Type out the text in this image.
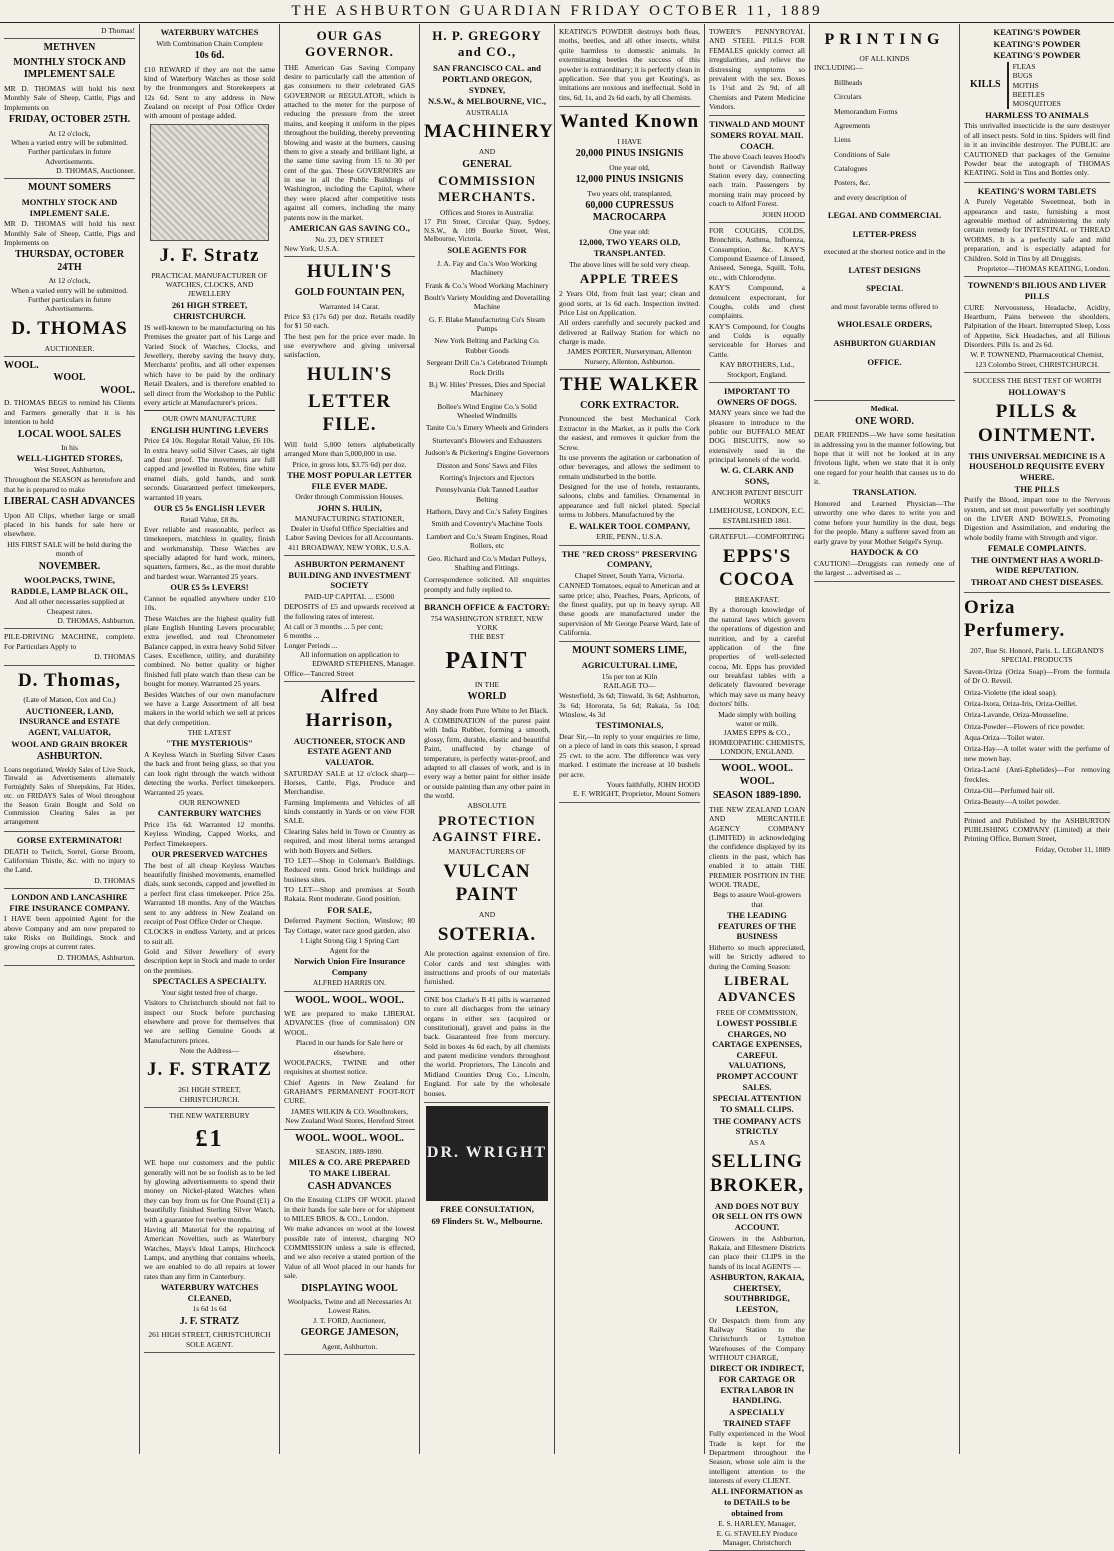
THE ASHBURTON GUARDIAN FRIDAY OCTOBER 11, 1889
D Thomas!
METHVEN
MONTHLY STOCK AND IMPLEMENT SALE
MR D. THOMAS will hold his next Monthly Sale of Sheep, Cattle, Pigs and Implements on
FRIDAY, OCTOBER 25TH.
At 12 o'clock,
When a varied entry will be submitted.
Further particulars in future Advertisements.
D. THOMAS, Auctioneer.
MOUNT SOMERS
MONTHLY STOCK AND IMPLEMENT SALE.
MR D. THOMAS will hold his next Monthly Sale of Sheep, Cattle, Pigs and Implements on
THURSDAY, OCTOBER 24TH
At 12 o'clock,
When a varied entry will be submitted.
Further particulars in future Advertisements.
D. THOMAS
AUCTIONEER.
WOOL.
WOOL
WOOL.
D. THOMAS BEGS to remind his Clients and Farmers generally that it is his intention to hold
LOCAL WOOL SALES
In his
WELL-LIGHTED STORES,
West Street, Ashburton,
Throughout the SEASON as heretofore and that he is prepared to make
LIBERAL CASH ADVANCES
Upon All Clips, whether large or small placed in his hands for sale here or elsewhere.
HIS FIRST SALE will be held during the month of
NOVEMBER.
WOOLPACKS, TWINE, RADDLE, LAMP BLACK OIL,
And all other necessaries supplied at Cheapest rates.
D. THOMAS, Ashburton.
PILE-DRIVING MACHINE, complete. For Particulars Apply to
D. THOMAS
D. Thomas,
(Late of Matson, Cox and Co.)
AUCTIONEER, LAND, INSURANCE and ESTATE AGENT, VALUATOR,
WOOL AND GRAIN BROKER
ASHBURTON.
Loans negotiated, Weekly Sales of Live Stock, Tinwald as Advertisements alternately Fortnightly Sales of Sheepskins, Fat Hides, etc. on FRIDAYS Sales of Wool throughout the Season Grain Bought and Sold on Commission Clearing Sales as per arrangement
GORSE EXTERMINATOR!
DEATH to Twitch, Sorrel, Gorse Broom, Californian Thistle, &c. with no injury to the Land.
D. THOMAS
LONDON AND LANCASHIRE FIRE INSURANCE COMPANY.
I HAVE been appointed Agent for the above Company and am now prepared to take Risks on Buildings, Stock and growing crops at current rates.
D. THOMAS, Ashburton.
WATERBURY WATCHES
With Combination Chain Complete
10s 6d.
£10 REWARD if they are not the same kind of Waterbury Watches as those sold by the Ironmongers and Storekeepers at 12s 6d. Sent to any address in New Zealand on receipt of Post Office Order with amount of postage added.
J. F. Stratz
PRACTICAL MANUFACTURER OF WATCHES, CLOCKS, AND JEWELLERY
261 HIGH STREET,
CHRISTCHURCH.
IS well-known to be manufacturing on his Premises the greater part of his Large and Varied Stock of Watches, Clocks, and Jewellery, thereby saving the heavy duty, Merchants' profits, and all other expenses which have to be paid by the ordinary Retail Dealers, and is therefore enabled to sell direct from the Workshop to the Public every article at Manufacturer's prices.
OUR OWN MANUFACTURE
ENGLISH HUNTING LEVERS
Price £4 10s. Regular Retail Value, £6 10s. In extra heavy solid Silver Cases, air tight and dust proof. The movements are full capped and jewelled in Rubies, fine white enamel dials, gold hands, and sunk seconds. Guaranteed perfect timekeepers, warranted 10 years.
OUR £5 5s ENGLISH LEVER
Retail Value, £8 8s.
Ever reliable and reasonable, perfect as timekeepers, matchless in quality, finish and workmanship. These Watches are specially adapted for hard work, miners, squatters, farmers, &c., as the most durable and hardest wear. Warranted 25 years.
OUR £5 5s LEVERS!
Cannot be equalled anywhere under £10 10s.
These Watches are the highest quality full plate English Hunting Levers procurable; extra jewelled, and real Chronometer Balance capped, in extra heavy Solid Silver Cases. Excellence, utility, and durability combined. No better quality or higher finished full plate watch than these can be bought for money. Warranted 25 years.
Besides Watches of our own manufacture we have a Large Assortment of all best makers in the world which we sell at prices that defy competition.
THE LATEST
"THE MYSTERIOUS"
A Keyless Watch in Sterling Silver Cases the back and front being glass, so that you can look right through the watch without detecting the works. Perfect timekeepers. Warranted 25 years.
OUR RENOWNED
CANTERBURY WATCHES
Price 15s 6d. Warranted 12 months. Keyless Winding, Capped Works, and Perfect Timekeepers.
OUR PRESERVED WATCHES
The best of all cheap Keyless Watches beautifully finished movements, enamelled dials, sunk seconds, capped and jewelled in a perfect first class timekeeper. Price 25s. Warranted 18 months. Any of the Watches sent to any address in New Zealand on receipt of Post Office Order or Cheque.
CLOCKS in endless Variety, and at prices to suit all.
Gold and Silver Jewellery of every description kept in Stock and made to order on the premises.
SPECTACLES A SPECIALTY.
Your sight tested free of charge.
Visitors to Christchurch should not fail to inspect our Stock before purchasing elsewhere and prove for themselves that we are selling Genuine Goods at Manufacturers prices.
Note the Address—
J. F. STRATZ
261 HIGH STREET,
CHRISTCHURCH.
THE NEW WATERBURY
£1
WE hope our customers and the public generally will not be so foolish as to be led by glowing advertisements to spend their money on Nickel-plated Watches when they can buy from us for One Pound (£1) a beautifully finished Sterling Silver Watch, with a guarantee for twelve months.
Having all Material for the repairing of American Novelties, such as Waterbury Watches, Mays's Ideal Lamps, Hitchcock Lamps, and anything that contains wheels, we are enabled to do all repairs at lower rates than any firm in Canterbury.
WATERBURY WATCHES CLEANED,
1s 6d 1s 6d
J. F. STRATZ
261 HIGH STREET, CHRISTCHURCH
SOLE AGENT.
OUR GAS GOVERNOR.
THE American Gas Saving Company desire to particularly call the attention of gas consumers to their celebrated GAS GOVERNOR or REGULATOR, which is attached to the meter for the purpose of reducing the pressure from the street mains, and keeping it uniform in the pipes throughout the building, thereby preventing blowing and waste at the burners, causing them to give a steady and brilliant light, at the same time saving from 15 to 30 per cent of the gas. These GOVERNORS are in use in all the Public Buildings of Washington, including the Capitol, where they were placed after competitive tests against all comers, including the many patents now in the market.
AMERICAN GAS SAVING CO.,
No. 23, DEY STREET
New York, U.S.A.
HULIN'S
GOLD FOUNTAIN PEN,
Warranted 14 Carat.
Price $3 (17s 6d) per doz. Retails readily for $1 50 each.
The best pen for the price ever made. In use everywhere and giving universal satisfaction,
HULIN'S
LETTER FILE.
Will hold 5,000 letters alphabetically arranged More than 5,000,000 in use.
Price, in gross lots, $3.75 6d) per doz.
THE MOST POPULAR LETTER FILE EVER MADE.
Order through Commission Houses.
JOHN S. HULIN,
MANUFACTURING STATIONER,
Dealer in Useful Office Specialties and Labor Saving Devices for all Accountants.
411 BROADWAY, NEW YORK, U.S.A.
ASHBURTON PERMANENT BUILDING AND INVESTMENT SOCIETY
PAID-UP CAPITAL ... £5000
DEPOSITS of £5 and upwards received at the following rates of interest.
At call or 3 months ... 5 per cent;
6 months ...
Longer Periods ...
All information on application to
EDWARD STEPHENS, Manager.
Office—Tancred Street
Alfred Harrison,
AUCTIONEER, STOCK AND ESTATE AGENT AND VALUATOR.
SATURDAY SALE at 12 o'clock sharp—Horses, Cattle, Pigs, Produce and Merchandise.
Farming Implements and Vehicles of all kinds constantly in Yards or on view FOR SALE.
Clearing Sales held in Town or Country as required, and most liberal terms arranged with both Buyers and Sellers.
TO LET—Shop in Coleman's Buildings. Reduced rents. Good brick buildings and business sites.
TO LET—Shop and premises at South Rakaia. Rent moderate. Good position.
FOR SALE,
Deferred Payment Section, Winslow; 80 Tay Cottage, water race good garden, also
1 Light Strong Gig 1 Spring Cart
Agent for the
Norwich Union Fire Insurance Company
ALFRED HARRIS ON.
WOOL. WOOL. WOOL.
WE are prepared to make LIBERAL ADVANCES (free of commission) ON WOOL.
Placed in our hands for Sale here or elsewhere.
WOOLPACKS, TWINE and other requisites at shortest notice.
Chief Agents in New Zealand for GRAHAM'S PERMANENT FOOT-ROT CURE.
JAMES WILKIN & CO. Woolbrokers, New Zealand Wool Stores, Hereford Street
WOOL. WOOL. WOOL.
SEASON, 1889-1890.
MILES & CO. ARE PREPARED TO MAKE LIBERAL
CASH ADVANCES
On the Ensuing CLIPS OF WOOL placed in their hands for sale here or for shipment to MILES BROS. & CO., London.
We make advances on wool at the lowest possible rate of interest, charging NO COMMISSION unless a sale is effected, and we also receive a stated portion of the Value of all Wool placed in our hands for sale.
DISPLAYING WOOL
Woolpacks, Twine and all Necessaries At Lowest Rates.
J. T. FORD, Auctioneer,
GEORGE JAMESON,
Agent, Ashburton.
H. P. GREGORY and CO.,
SAN FRANCISCO CAL. and
PORTLAND OREGON, SYDNEY,
N.S.W., & MELBOURNE, VIC.,
AUSTRALIA
MACHINERY
AND
GENERAL
COMMISSION MERCHANTS.
Offices and Stores in Australia:
17 Pitt Street, Circular Quay, Sydney, N.S.W., & 109 Bourke Street, West, Melbourne, Victoria.
SOLE AGENTS FOR
J. A. Fay and Co.'s Woo Working Machinery
Frank & Co.'s Wood Working Machinery
Boult's Variety Moulding and Dovetailing Machine
G. F. Blake Manufacturing Co's Steam Pumps
New York Belting and Packing Co. Rubber Goods
Sergeant Drill Co.'s Celebrated Triumph Rock Drills
B.j W. Hiles' Presses, Dies and Special Machinery
Bollee's Wind Engine Co.'s Solid Wheeled Windmills
Tanite Co.'s Emery Wheels and Grinders
Sturtevant's Blowers and Exhausters
Judson's & Pickering's Engine Governors
Disston and Sons' Saws and Files
Korting's Injectors and Ejectors
Pennsylvania Oak Tanned Leather Belting
Hathorn, Davy and Co.'s Safety Engines
Smith and Coventry's Machine Tools
Lambert and Co.'s Steam Engines, Road Rollers, etc
Geo. Richard and Co.'s Medart Pulleys, Shafting and Fittings.
Correspondence solicited. All enquiries promptly and fully replied to.
BRANCH OFFICE & FACTORY:
754 WASHINGTON STREET, NEW YORK
THE BEST
PAINT
IN THE
WORLD
Any shade from Pure White to Jet Black.
A COMBINATION of the purest paint with India Rubber, forming a smooth, glossy, firm, durable, elastic and beautiful Paint, unaffected by change of temperature, is perfectly water-proof, and adapted to all classes of work, and is in every way a better paint for either inside or outside painting than any other paint in the world.
ABSOLUTE
PROTECTION AGAINST FIRE.
MANUFACTURERS OF
VULCAN PAINT
AND
SOTERIA.
Ale protection against extension of fire. Color cards and test shingles with instructions and proofs of our materials furnished.
ONE box Clarke's B 41 pills is warranted to cure all discharges from the urinary organs in either sex (acquired or constitutional), gravel and pains in the back. Guaranteed free from mercury. Sold in boxes 4s 6d each, by all chemists and patent medicine vendors throughout the world. Proprietors, The Lincoln and Midland Counties Drug Co., Lincoln, England. For sale by the wholesale houses.
DR. WRIGHT
FREE CONSULTATION,
69 Flinders St. W., Melbourne.
KEATING'S POWDER destroys both fleas, moths, beetles, and all other insects, whilst quite harmless to domestic animals. In exterminating beetles the success of this powder is extraordinary; it is perfectly clean in application. See that you get Keating's, as imitations are noxious and ineffectual. Sold in tins, 6d, 1s, and 2s 6d each, by all Chemists.
Wanted Known
I HAVE
20,000 PINUS INSIGNIS
One year old,
12,000 PINUS INSIGNIS
Two years old, transplanted,
60,000 CUPRESSUS MACROCARPA
One year old:
12,000, TWO YEARS OLD, TRANSPLANTED.
The above lines will be sold very cheap.
APPLE TREES
2 Years Old, from fruit last year; clean and good sorts, at 1s 6d each. Inspection invited. Price List on Application.
All orders carefully and securely packed and delivered at Railway Station for which no charge is made.
JAMES PORTER, Nurseryman, Allenton Nursery, Allenton, Ashburton.
THE WALKER
CORK EXTRACTOR.
Pronounced the best Mechanical Cork Extractor in the Market, as it pulls the Cork the easiest, and removes it quicker from the Screw.
Its use prevents the agitation or carbonation of other beverages, and allows the sediment to remain undisturbed in the bottle.
Designed for the use of hotels, restaurants, saloons, clubs and families. Ornamental in appearance and full nickel plated. Special terms to Jobbers. Manufactured by the
E. WALKER TOOL COMPANY,
ERIE, PENN., U.S.A.
THE "RED CROSS" PRESERVING COMPANY,
Chapel Street, South Yarra, Victoria.
CANNED Tomatoes, equal to American and at same price; also, Peaches, Pears, Apricots, of the finest quality, put up in heavy syrup. All these goods are manufactured under the supervision of Mr George Pearse Ward, late of California.
MOUNT SOMERS LIME,
AGRICULTURAL LIME,
15s per ton at Kiln
RAILAGE TO—
Westerfield, 3s 6d; Tinwald, 3s 6d; Ashburton, 3s 6d; Hororata, 5s 6d; Rakaia, 5s 10d; Winslow, 4s 3d
TESTIMONIALS,
Dear Sir,—In reply to your enquiries re lime, on a piece of land in oats this season, I spread 25 cwt. to the acre. The difference was very marked. I estimate the increase at 10 bushels per acre.
Yours faithfully, JOHN HOOD
E. F. WRIGHT, Proprietor, Mount Somers
TOWER'S PENNYROYAL AND STEEL PILLS FOR FEMALES quickly correct all irregularities, and relieve the distressing symptoms so prevalent with the sex. Boxes 1s 1½d and 2s 9d, of all Chemists and Patent Medicine Vendors.
TINWALD AND MOUNT SOMERS ROYAL MAIL COACH.
The above Coach leaves Hood's hotel or Cavendish Railway Station every day, connecting each train. Passengers by morning train may proceed by coach to Alford Forest.
JOHN HOOD
FOR COUGHS, COLDS, Bronchitis, Asthma, Influenza, Consumption, &c. KAY'S Compound Essence of Linseed, Aniseed, Senega, Squill, Tolu, etc., with Chlorodyne.
KAY'S Compound, a demulcent expectorant, for Coughs, colds and chest complaints.
KAY'S Compound, for Coughs and Colds is equally serviceable for Horses and Cattle.
KAY BROTHERS, Ltd., Stockport, England.
IMPORTANT TO OWNERS OF DOGS.
MANY years since we had the pleasure to introduce to the public our BUFFALO MEAT DOG BISCUITS, now so extensively used in the principal kennels of the world.
W. G. CLARK AND SONS,
ANCHOR PATENT BISCUIT WORKS
LIMEHOUSE, LONDON, E.C.
ESTABLISHED 1861.
GRATEFUL—COMFORTING
EPPS'S COCOA
BREAKFAST.
By a thorough knowledge of the natural laws which govern the operations of digestion and nutrition, and by a careful application of the fine properties of well-selected cocoa, Mr. Epps has provided our breakfast tables with a delicately flavoured beverage which may save us many heavy doctors' bills.
Made simply with boiling water or milk.
JAMES EPPS & CO., HOMŒOPATHIC CHEMISTS, LONDON, ENGLAND.
WOOL. WOOL. WOOL.
SEASON 1889-1890.
THE NEW ZEALAND LOAN AND MERCANTILE AGENCY COMPANY (LIMITED) in acknowledging the confidence displayed by its clients in the past, which has enabled it to attain THE PREMIER POSITION IN THE WOOL TRADE,
Begs to assure Wool-growers that
THE LEADING FEATURES OF THE BUSINESS
Hitherto so much appreciated, will be Strictly adhered to during the Coming Season:
LIBERAL ADVANCES
FREE OF COMMISSION,
LOWEST POSSIBLE CHARGES, NO CARTAGE EXPENSES, CAREFUL VALUATIONS, PROMPT ACCOUNT SALES.
SPECIAL ATTENTION TO SMALL CLIPS.
THE COMPANY ACTS STRICTLY
AS A
SELLING BROKER,
AND DOES NOT BUY OR SELL ON ITS OWN ACCOUNT.
Growers in the Ashburton, Rakaia, and Ellesmere Districts can place their CLIPS in the hands of its local AGENTS —
ASHBURTON, RAKAIA, CHERTSEY, SOUTHBRIDGE, LEESTON,
Or Despatch them from any Railway Station to the Christchurch or Lyttelton Warehouses of the Company WITHOUT CHARGE,
DIRECT OR INDIRECT, FOR CARTAGE OR EXTRA LABOR IN HANDLING.
A SPECIALLY TRAINED STAFF
Fully experienced in the Wool Trade is kept for the Department throughout the Season, whose sole aim is the intelligent attention to the interests of every CLIENT.
ALL INFORMATION as to DETAILS to be obtained from
E. S. HARLEY, Manager,
E. G. STAVELEY Produce Manager, Christchurch
PRINTING
OF ALL KINDS
INCLUDING—
Billheads
Circulars
Memorandum Forms
Agreements
Liens
Conditions of Sale
Catalogues
Posters, &c.
and every description of
LEGAL AND COMMERCIAL
LETTER-PRESS
executed at the shortest notice and in the
LATEST DESIGNS
SPECIAL
and most favorable terms offered to
WHOLESALE ORDERS,
ASHBURTON GUARDIAN
OFFICE.
Medical.
ONE WORD.
DEAR FRIENDS—We have some hesitation in addressing you in the manner following, but hope that it will not be looked at in any frivolous light, when we state that it is only one regard for your health that causes us to do it.
TRANSLATION.
Honored and Learned Physician—The unworthy one who dares to write you and come before your humility in the dust, begs for the people. Many a sufferer saved from an early grave by your Mother Seigel's Syrup.
HAYDOCK & CO
CAUTION!—Druggists can remedy one of the largest ... advertised as ...
KEATING'S POWDER
KEATING'S POWDER
KEATING'S POWDER
KILLS
FLEAS
BUGS
MOTHS
BEETLES
MOSQUITOES
HARMLESS TO ANIMALS
This unrivalled insecticide is the sure destroyer of all insect pests. Sold in tins. Spiders will find in it an invincible destroyer. The PUBLIC are CAUTIONED that packages of the Genuine Powder bear the autograph of THOMAS KEATING. Sold in Tins and Bottles only.
KEATING'S WORM TABLETS
A Purely Vegetable Sweetmeat, both in appearance and taste, furnishing a most agreeable method of administering the only certain remedy for INTESTINAL or THREAD WORMS. It is a perfectly safe and mild preparation, and is especially adapted for Children. Sold in Tins by all Druggists.
Proprietor—THOMAS KEATING, London.
TOWNEND'S BILIOUS AND LIVER PILLS
CURE Nervousness, Headache, Acidity, Heartburn, Pains between the shoulders, Palpitation of the Heart. Interrupted Sleep, Loss of Appetite, Sick Headaches, and all Bilious Disorders. Pills 1s. and 2s 6d.
W. P. TOWNEND, Pharmaceutical Chemist, 123 Colombo Street, CHRISTCHURCH.
SUCCESS THE BEST TEST OF WORTH
HOLLOWAY'S
PILLS & OINTMENT.
THIS UNIVERSAL MEDICINE IS A HOUSEHOLD REQUISITE EVERY WHERE.
THE PILLS
Purify the Blood, impart tone to the Nervous system, and set most powerfully yet soothingly on the LIVER AND BOWELS, Promoting Digestion and Assimilation, and enduring the whole bodily frame with Strength and vigor.
FEMALE COMPLAINTS.
THE OINTMENT HAS A WORLD-WIDE REPUTATION.
THROAT AND CHEST DISEASES.
Oriza Perfumery.
207, Rue St. Honoré, Paris. L. LEGRAND'S SPECIAL PRODUCTS
Savon-Oriza (Oriza Soap)—From the formula of Dr O. Reveil.
Oriza-Violette (the ideal soap).
Oriza-Ixora, Oriza-Iris, Oriza-Oeillet.
Oriza-Lavande, Oriza-Mousseline.
Oriza-Powder—Flowers of rice powder.
Aqua-Oriza—Toilet water.
Oriza-Hay—A toilet water with the perfume of new mown hay.
Oriza-Lacté (Anti-Ephelides)—For removing freckles.
Oriza-Oil—Perfumed hair oil.
Oriza-Beauty—A toilet powder.
Printed and Published by the ASHBURTON PUBLISHING COMPANY (Limited) at their Printing Office, Burnett Street,
Friday, October 11, 1889
